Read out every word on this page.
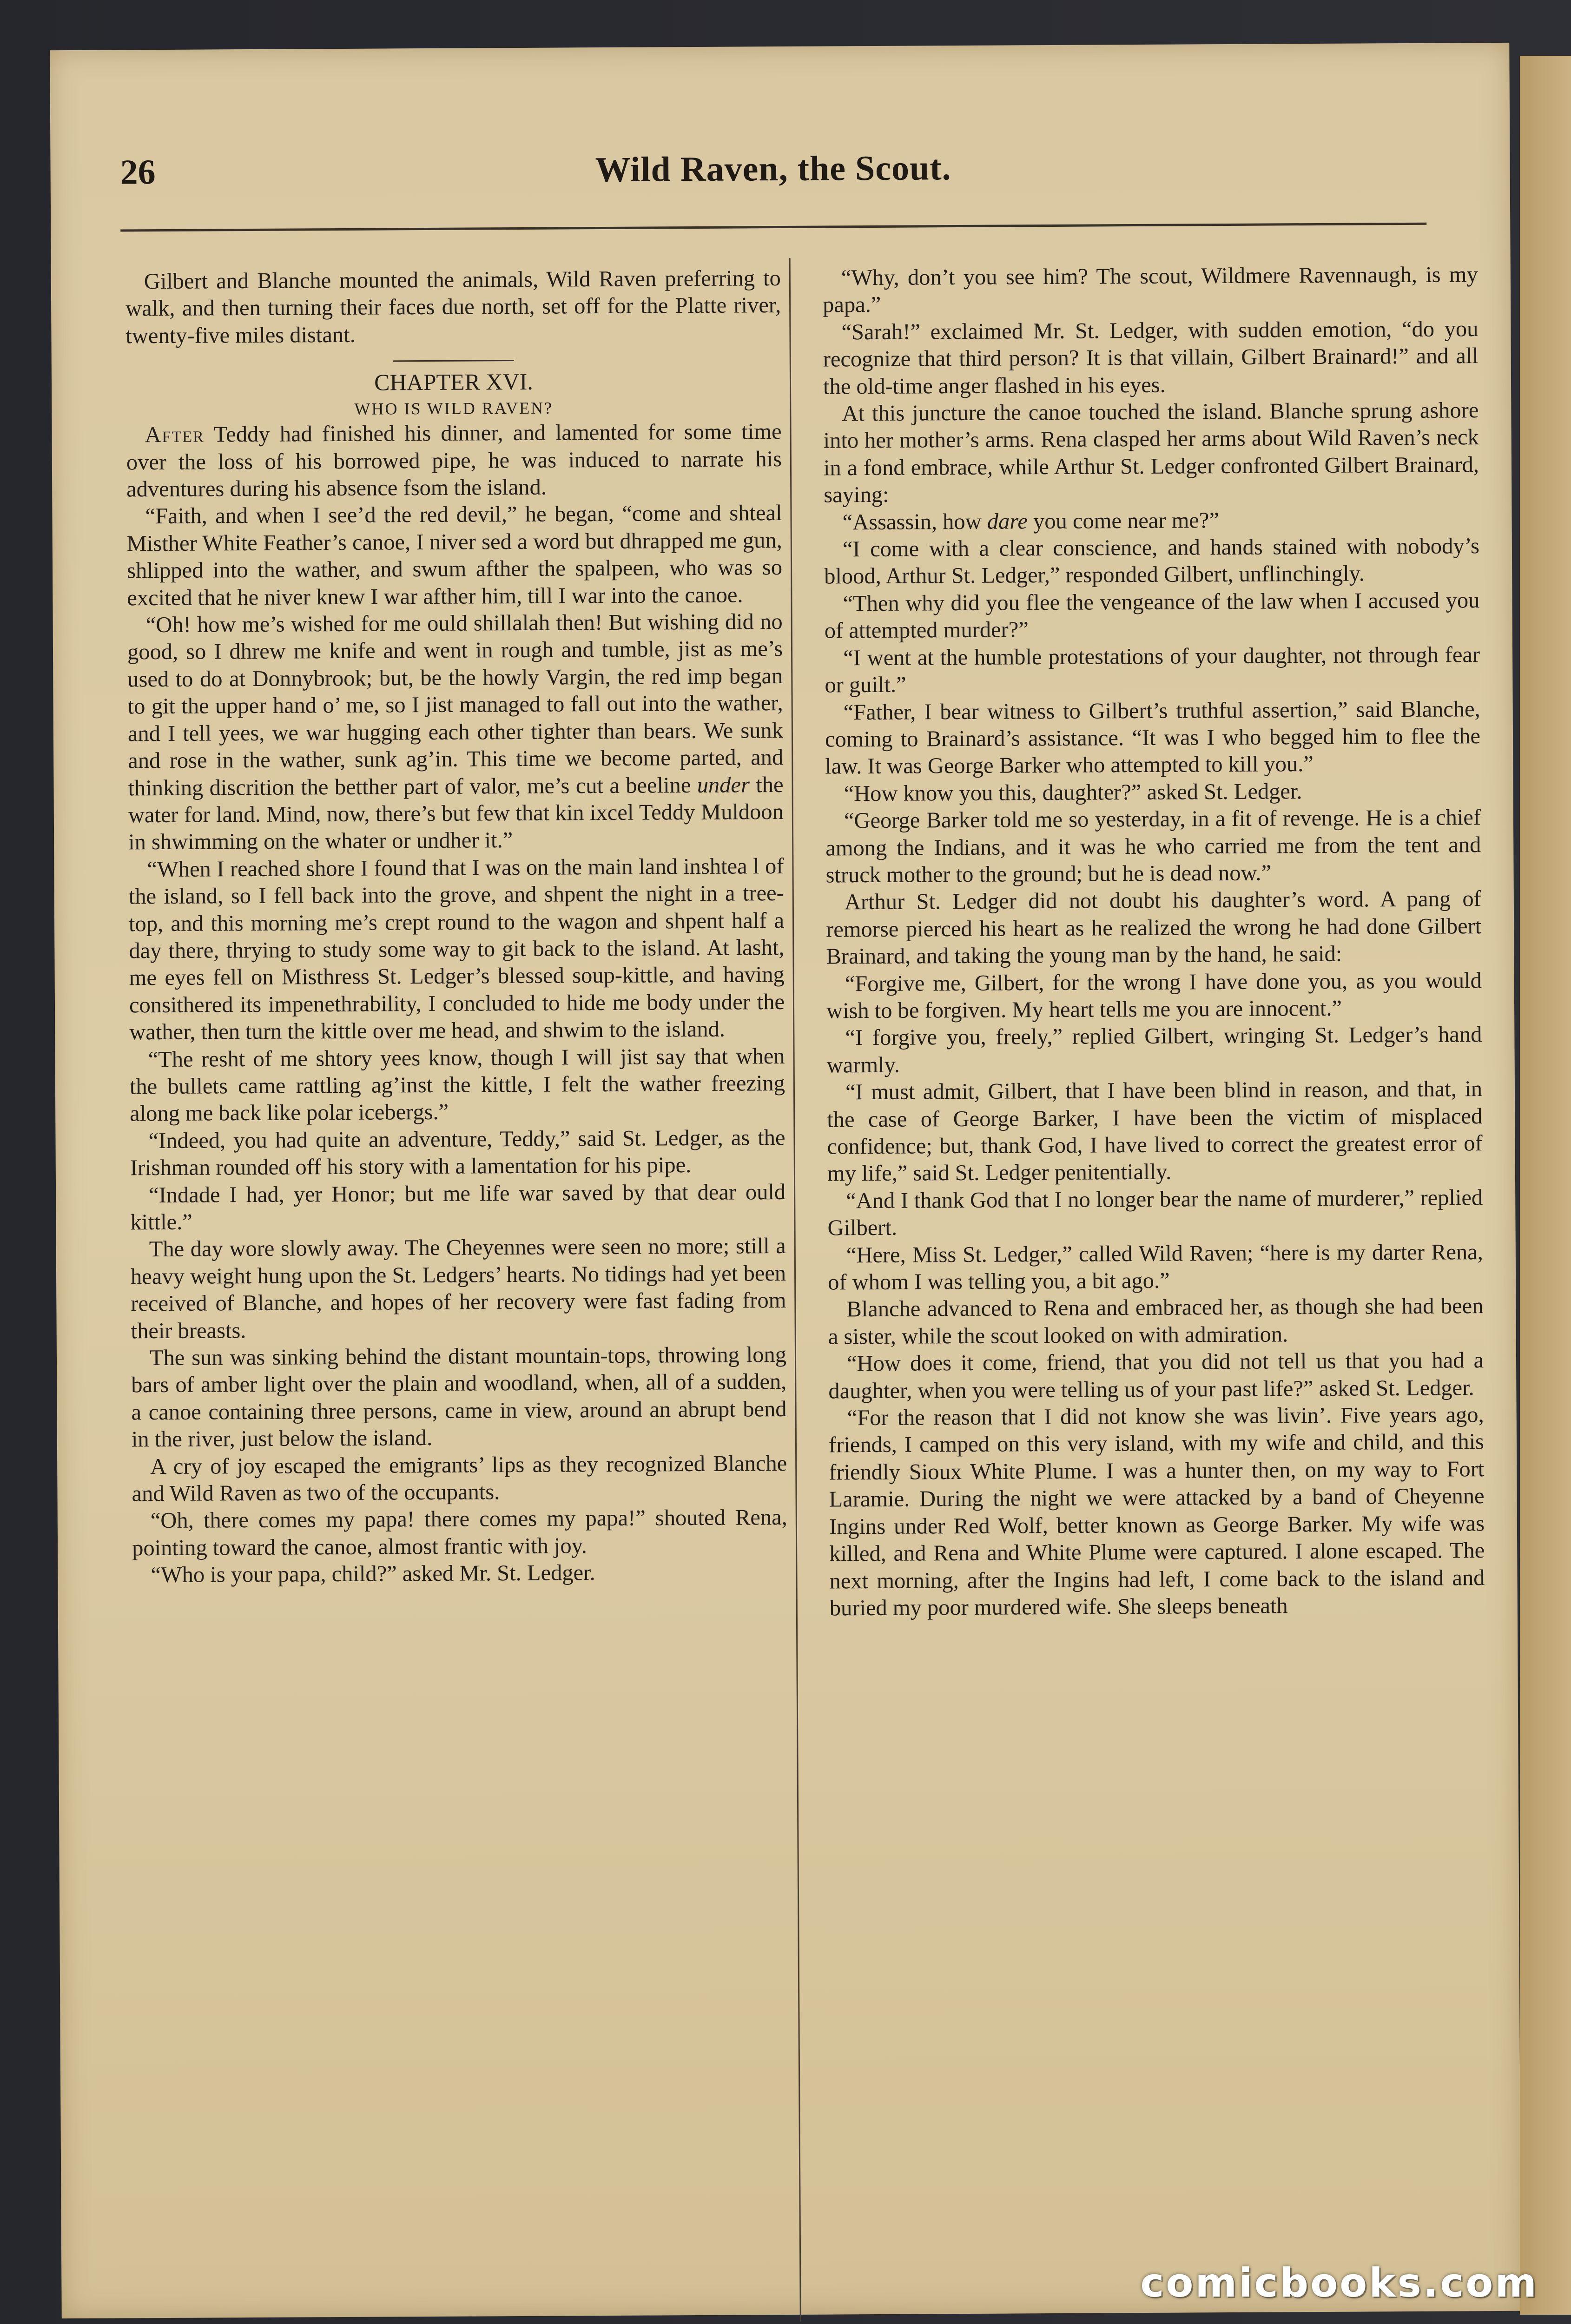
26	Wild Raven, the Scout.

Gilbert and Blanche mounted the animals, Wild Raven preferring to walk, and then turning their faces due north, set off for the Platte river, twenty-five miles distant.

CHAPTER XVI.

WHO IS WILD RAVEN?

After Teddy had finished his dinner, and lamented for some time over the loss of his borrowed pipe, he was induced to narrate his adventures during his absence fsom the island.

“Faith, and when I see’d the red devil,” he began, “come and shteal Misther White Feather’s canoe, I niver sed a word but dhrapped me gun, shlipped into the wather, and swum afther the spalpeen, who was so excited that he niver knew I war afther him, till I war into the canoe.

“Oh! how me’s wished for me ould shillalah then! But wishing did no good, so I dhrew me knife and went in rough and tumble, jist as me’s used to do at Donnybrook; but, be the howly Vargin, the red imp began to git the upper hand o’ me, so I jist managed to fall out into the wather, and I tell yees, we war hugging each other tighter than bears. We sunk and rose in the wather, sunk ag’in. This time we become parted, and thinking discrition the betther part of valor, me’s cut a beeline under the water for land. Mind, now, there’s but few that kin ixcel Teddy Muldoon in shwimming on the whater or undher it.”

“When I reached shore I found that I was on the main land inshtea l of the island, so I fell back into the grove, and shpent the night in a tree-top, and this morning me’s crept round to the wagon and shpent half a day there, thrying to study some way to git back to the island. At lasht, me eyes fell on Misthress St. Ledger’s blessed soup-kittle, and having consithered its impenethrability, I concluded to hide me body under the wather, then turn the kittle over me head, and shwim to the island.

“The resht of me shtory yees know, though I will jist say that when the bullets came rattling ag’inst the kittle, I felt the wather freezing along me back like polar icebergs.”

“Indeed, you had quite an adventure, Teddy,” said St. Ledger, as the Irishman rounded off his story with a lamentation for his pipe.

“Indade I had, yer Honor; but me life war saved by that dear ould kittle.”

The day wore slowly away. The Cheyennes were seen no more; still a heavy weight hung upon the St. Ledgers’ hearts. No tidings had yet been received of Blanche, and hopes of her recovery were fast fading from their breasts.

The sun was sinking behind the distant mountain-tops, throwing long bars of amber light over the plain and woodland, when, all of a sudden, a canoe containing three persons, came in view, around an abrupt bend in the river, just below the island.

A cry of joy escaped the emigrants’ lips as they recognized Blanche and Wild Raven as two of the occupants.

“Oh, there comes my papa! there comes my papa!” shouted Rena, pointing toward the canoe, almost frantic with joy.

“Who is your papa, child?” asked Mr. St. Ledger.

“Why, don’t you see him? The scout, Wildmere Ravennaugh, is my papa.”

“Sarah!” exclaimed Mr. St. Ledger, with sudden emotion, “do you recognize that third person? It is that villain, Gilbert Brainard!” and all the old-time anger flashed in his eyes.

At this juncture the canoe touched the island. Blanche sprung ashore into her mother’s arms. Rena clasped her arms about Wild Raven’s neck in a fond embrace, while Arthur St. Ledger confronted Gilbert Brainard, saying:

“Assassin, how dare you come near me?”

“I come with a clear conscience, and hands stained with nobody’s blood, Arthur St. Ledger,” responded Gilbert, unflinchingly.

“Then why did you flee the vengeance of the law when I accused you of attempted murder?”

“I went at the humble protestations of your daughter, not through fear or guilt.”

“Father, I bear witness to Gilbert’s truthful assertion,” said Blanche, coming to Brainard’s assistance. “It was I who begged him to flee the law. It was George Barker who attempted to kill you.”

“How know you this, daughter?” asked St. Ledger.

“George Barker told me so yesterday, in a fit of revenge. He is a chief among the Indians, and it was he who carried me from the tent and struck mother to the ground; but he is dead now.”

Arthur St. Ledger did not doubt his daughter’s word. A pang of remorse pierced his heart as he realized the wrong he had done Gilbert Brainard, and taking the young man by the hand, he said:

“Forgive me, Gilbert, for the wrong I have done you, as you would wish to be forgiven. My heart tells me you are innocent.”

“I forgive you, freely,” replied Gilbert, wringing St. Ledger’s hand warmly.

“I must admit, Gilbert, that I have been blind in reason, and that, in the case of George Barker, I have been the victim of misplaced confidence; but, thank God, I have lived to correct the greatest error of my life,” said St. Ledger penitentially.

“And I thank God that I no longer bear the name of murderer,” replied Gilbert.

“Here, Miss St. Ledger,” called Wild Raven; “here is my darter Rena, of whom I was telling you, a bit ago.”

Blanche advanced to Rena and embraced her, as though she had been a sister, while the scout looked on with admiration.

“How does it come, friend, that you did not tell us that you had a daughter, when you were telling us of your past life?” asked St. Ledger.

“For the reason that I did not know she was livin’. Five years ago, friends, I camped on this very island, with my wife and child, and this friendly Sioux White Plume. I was a hunter then, on my way to Fort Laramie. During the night we were attacked by a band of Cheyenne Ingins under Red Wolf, better known as George Barker. My wife was killed, and Rena and White Plume were captured. I alone escaped. The next morning, after the Ingins had left, I come back to the island and buried my poor murdered wife. She sleeps beneath

comicbooks.com
